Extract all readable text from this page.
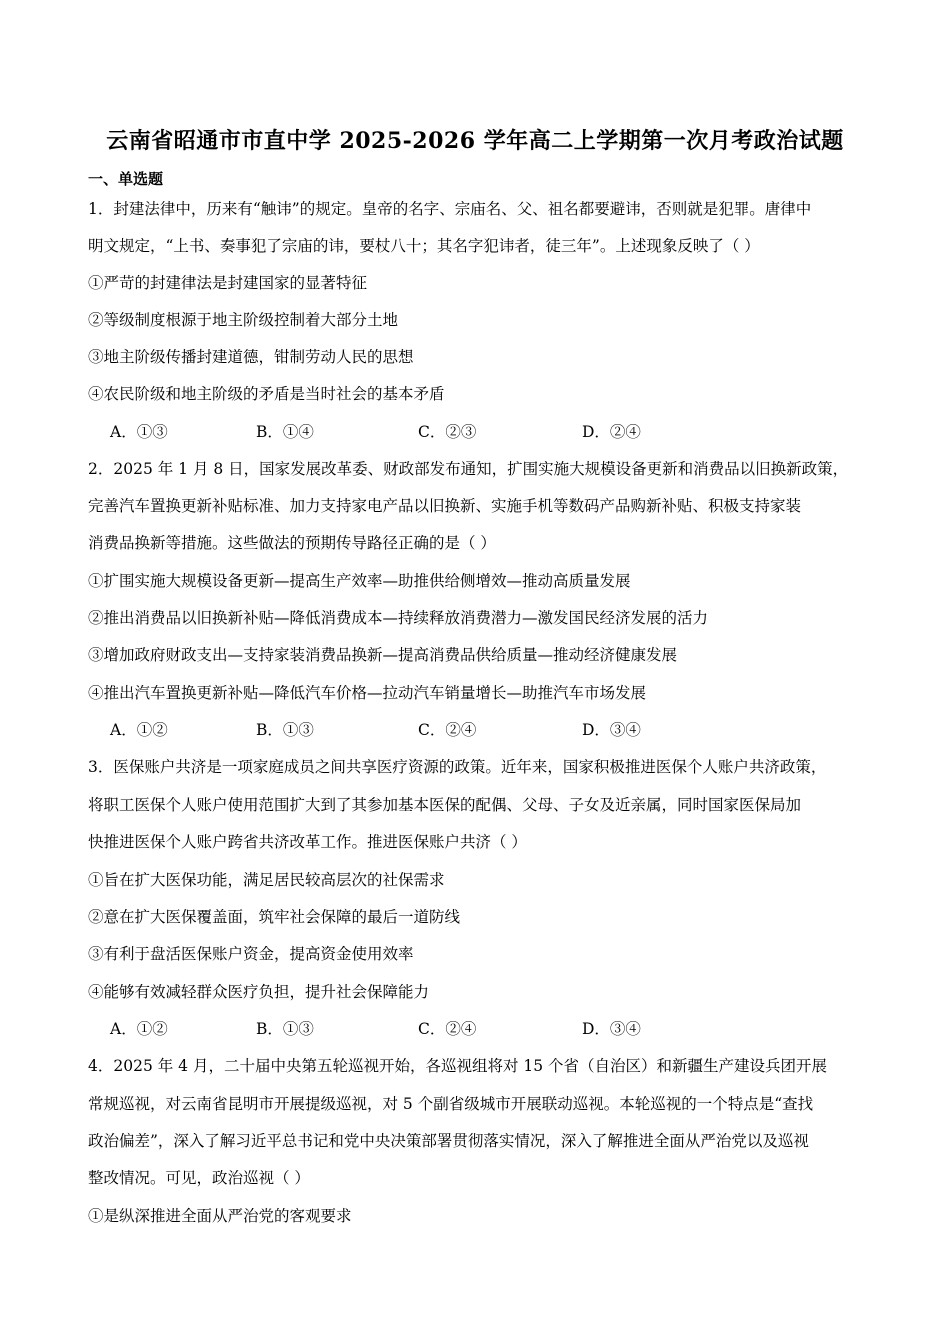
云南省昭通市市直中学 2025-2026 学年高二上学期第一次月考政治试题
一、单选题
1．封建法律中，历来有“触讳”的规定。皇帝的名字、宗庙名、父、祖名都要避讳，否则就是犯罪。唐律中
明文规定，“上书、奏事犯了宗庙的讳，要杖八十；其名字犯讳者，徒三年”。上述现象反映了（ ）
①严苛的封建律法是封建国家的显著特征
②等级制度根源于地主阶级控制着大部分土地
③地主阶级传播封建道德，钳制劳动人民的思想
④农民阶级和地主阶级的矛盾是当时社会的基本矛盾
A．①③	B．①④	C．②③	D．②④
2．2025 年 1 月 8 日，国家发展改革委、财政部发布通知，扩围实施大规模设备更新和消费品以旧换新政策，
完善汽车置换更新补贴标准、加力支持家电产品以旧换新、实施手机等数码产品购新补贴、积极支持家装
消费品换新等措施。这些做法的预期传导路径正确的是（ ）
①扩围实施大规模设备更新—提高生产效率—助推供给侧增效—推动高质量发展
②推出消费品以旧换新补贴—降低消费成本—持续释放消费潜力—激发国民经济发展的活力
③增加政府财政支出—支持家装消费品换新—提高消费品供给质量—推动经济健康发展
④推出汽车置换更新补贴—降低汽车价格—拉动汽车销量增长—助推汽车市场发展
A．①②	B．①③	C．②④	D．③④
3．医保账户共济是一项家庭成员之间共享医疗资源的政策。近年来，国家积极推进医保个人账户共济政策，
将职工医保个人账户使用范围扩大到了其参加基本医保的配偶、父母、子女及近亲属，同时国家医保局加
快推进医保个人账户跨省共济改革工作。推进医保账户共济（ ）
①旨在扩大医保功能，满足居民较高层次的社保需求
②意在扩大医保覆盖面，筑牢社会保障的最后一道防线
③有利于盘活医保账户资金，提高资金使用效率
④能够有效减轻群众医疗负担，提升社会保障能力
A．①②	B．①③	C．②④	D．③④
4．2025 年 4 月，二十届中央第五轮巡视开始，各巡视组将对 15 个省（自治区）和新疆生产建设兵团开展
常规巡视，对云南省昆明市开展提级巡视，对 5 个副省级城市开展联动巡视。本轮巡视的一个特点是“查找
政治偏差”，深入了解习近平总书记和党中央决策部署贯彻落实情况，深入了解推进全面从严治党以及巡视
整改情况。可见，政治巡视（ ）
①是纵深推进全面从严治党的客观要求
